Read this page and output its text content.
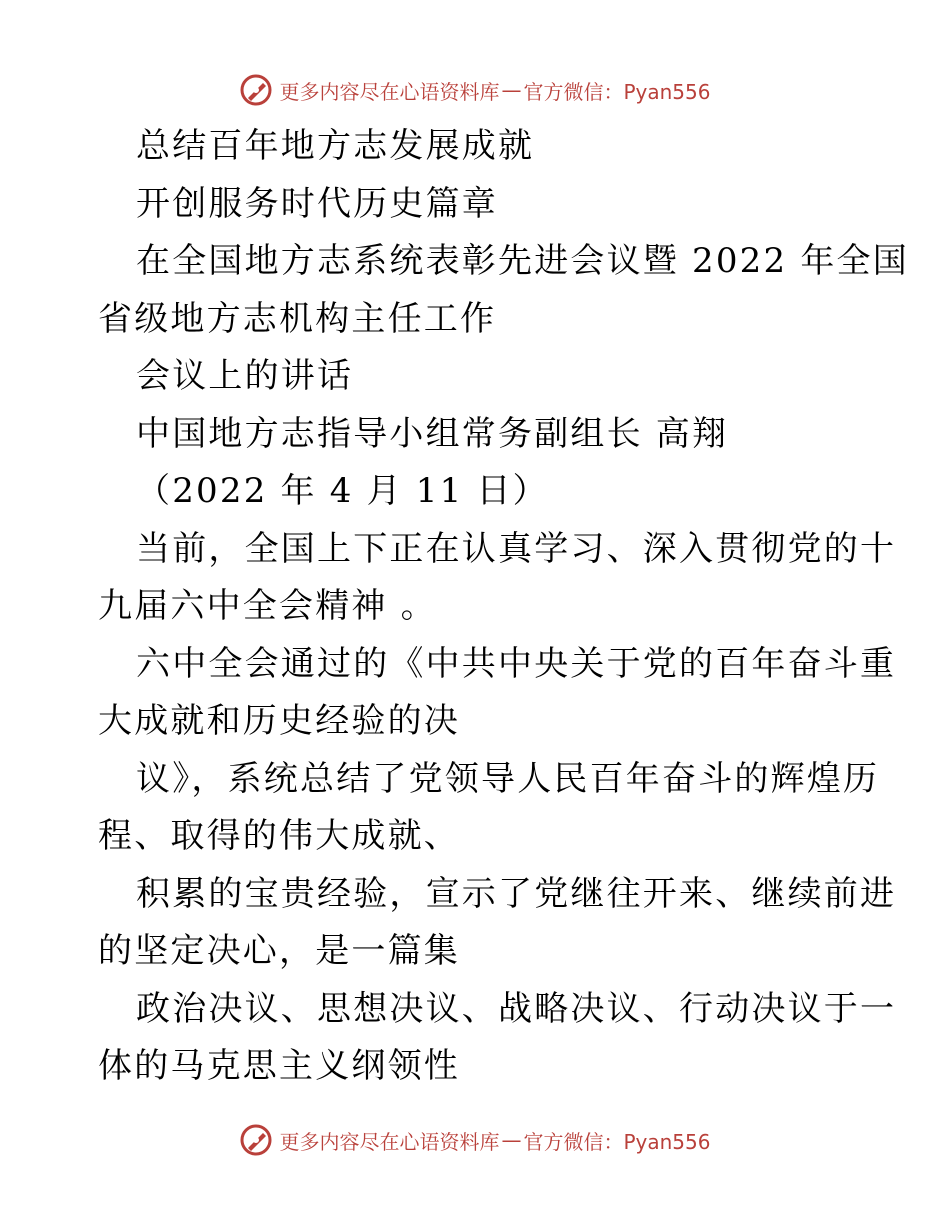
更多内容尽在心语资料库 — 官方微信：Pyan556
总结百年地方志发展成就
开创服务时代历史篇章
在全国地方志系统表彰先进会议暨 2022 年全国
省级地方志机构主任工作
会议上的讲话
中国地方志指导小组常务副组长 高翔
（2022 年 4 月 11 日）
当前，全国上下正在认真学习、深入贯彻党的十
九届六中全会精神 。
六中全会通过的《中共中央关于党的百年奋斗重
大成就和历史经验的决
议》，系统总结了党领导人民百年奋斗的辉煌历
程、取得的伟大成就、
积累的宝贵经验，宣示了党继往开来、继续前进
的坚定决心，是一篇集
政治决议、思想决议、战略决议、行动决议于一
体的马克思主义纲领性
更多内容尽在心语资料库 — 官方微信：Pyan556
